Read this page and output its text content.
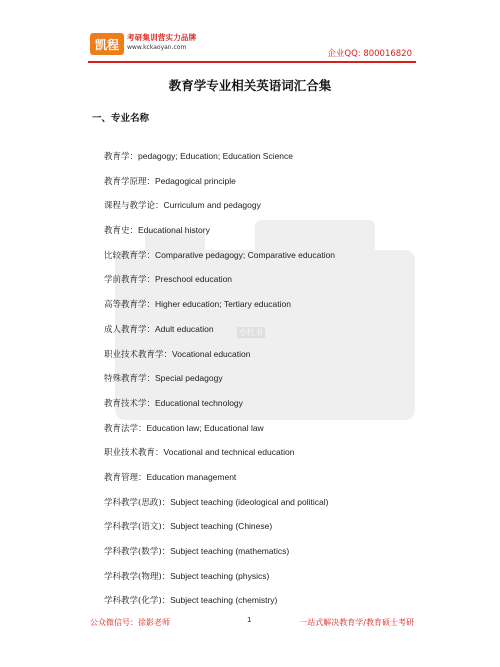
凯程
考研集训营实力品牌
www.kckaoyan.com
企业QQ: 800016820
小红书
教育学专业相关英语词汇合集
一、专业名称
教育学：pedagogy; Education; Education Science
教育学原理：Pedagogical principle
课程与教学论：Curriculum and pedagogy
教育史：Educational history
比较教育学：Comparative pedagogy; Comparative education
学前教育学：Preschool education
高等教育学：Higher education; Tertiary education
成人教育学：Adult education
职业技术教育学：Vocational education
特殊教育学：Special pedagogy
教育技术学：Educational technology
教育法学：Education law; Educational law
职业技术教育：Vocational and technical education
教育管理：Education management
学科教学(思政)：Subject teaching (ideological and political)
学科教学(语文)：Subject teaching (Chinese)
学科教学(数学)：Subject teaching (mathematics)
学科教学(物理)：Subject teaching (physics)
学科教学(化学)：Subject teaching (chemistry)
公众微信号：徐影老师	1	一站式解决教育学/教育硕士考研
